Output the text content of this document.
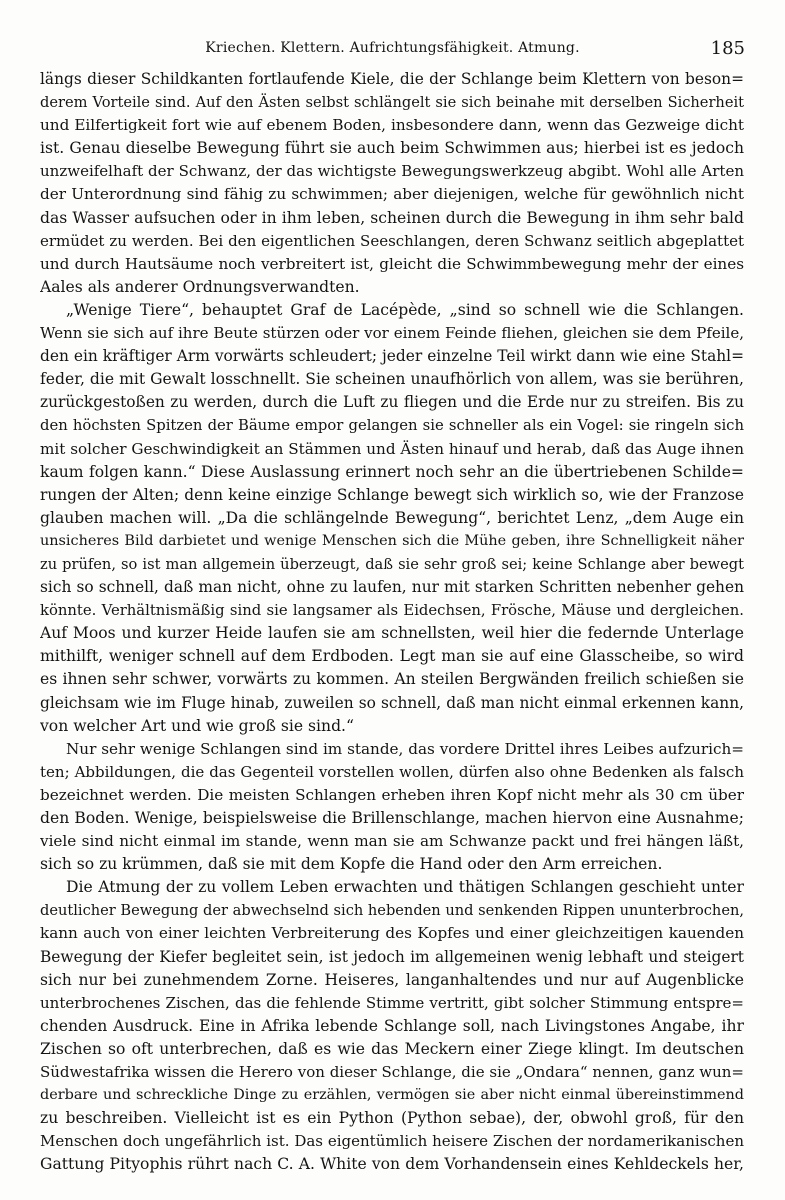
Kriechen. Klettern. Aufrichtungsfähigkeit. Atmung.	185
längs dieser Schildkanten fortlaufende Kiele, die der Schlange beim Klettern von beson=
derem Vorteile sind. Auf den Ästen selbst schlängelt sie sich beinahe mit derselben Sicherheit
und Eilfertigkeit fort wie auf ebenem Boden, insbesondere dann, wenn das Gezweige dicht
ist. Genau dieselbe Bewegung führt sie auch beim Schwimmen aus; hierbei ist es jedoch
unzweifelhaft der Schwanz, der das wichtigste Bewegungswerkzeug abgibt. Wohl alle Arten
der Unterordnung sind fähig zu schwimmen; aber diejenigen, welche für gewöhnlich nicht
das Wasser aufsuchen oder in ihm leben, scheinen durch die Bewegung in ihm sehr bald
ermüdet zu werden. Bei den eigentlichen Seeschlangen, deren Schwanz seitlich abgeplattet
und durch Hautsäume noch verbreitert ist, gleicht die Schwimmbewegung mehr der eines
Aales als anderer Ordnungsverwandten.
„Wenige Tiere“, behauptet Graf de Lacépède, „sind so schnell wie die Schlangen.
Wenn sie sich auf ihre Beute stürzen oder vor einem Feinde fliehen, gleichen sie dem Pfeile,
den ein kräftiger Arm vorwärts schleudert; jeder einzelne Teil wirkt dann wie eine Stahl=
feder, die mit Gewalt losschnellt. Sie scheinen unaufhörlich von allem, was sie berühren,
zurückgestoßen zu werden, durch die Luft zu fliegen und die Erde nur zu streifen. Bis zu
den höchsten Spitzen der Bäume empor gelangen sie schneller als ein Vogel: sie ringeln sich
mit solcher Geschwindigkeit an Stämmen und Ästen hinauf und herab, daß das Auge ihnen
kaum folgen kann.“ Diese Auslassung erinnert noch sehr an die übertriebenen Schilde=
rungen der Alten; denn keine einzige Schlange bewegt sich wirklich so, wie der Franzose
glauben machen will. „Da die schlängelnde Bewegung“, berichtet Lenz, „dem Auge ein
unsicheres Bild darbietet und wenige Menschen sich die Mühe geben, ihre Schnelligkeit näher
zu prüfen, so ist man allgemein überzeugt, daß sie sehr groß sei; keine Schlange aber bewegt
sich so schnell, daß man nicht, ohne zu laufen, nur mit starken Schritten nebenher gehen
könnte. Verhältnismäßig sind sie langsamer als Eidechsen, Frösche, Mäuse und dergleichen.
Auf Moos und kurzer Heide laufen sie am schnellsten, weil hier die federnde Unterlage
mithilft, weniger schnell auf dem Erdboden. Legt man sie auf eine Glasscheibe, so wird
es ihnen sehr schwer, vorwärts zu kommen. An steilen Bergwänden freilich schießen sie
gleichsam wie im Fluge hinab, zuweilen so schnell, daß man nicht einmal erkennen kann,
von welcher Art und wie groß sie sind.“
Nur sehr wenige Schlangen sind im stande, das vordere Drittel ihres Leibes aufzurich=
ten; Abbildungen, die das Gegenteil vorstellen wollen, dürfen also ohne Bedenken als falsch
bezeichnet werden. Die meisten Schlangen erheben ihren Kopf nicht mehr als 30 cm über
den Boden. Wenige, beispielsweise die Brillenschlange, machen hiervon eine Ausnahme;
viele sind nicht einmal im stande, wenn man sie am Schwanze packt und frei hängen läßt,
sich so zu krümmen, daß sie mit dem Kopfe die Hand oder den Arm erreichen.
Die Atmung der zu vollem Leben erwachten und thätigen Schlangen geschieht unter
deutlicher Bewegung der abwechselnd sich hebenden und senkenden Rippen ununterbrochen,
kann auch von einer leichten Verbreiterung des Kopfes und einer gleichzeitigen kauenden
Bewegung der Kiefer begleitet sein, ist jedoch im allgemeinen wenig lebhaft und steigert
sich nur bei zunehmendem Zorne. Heiseres, langanhaltendes und nur auf Augenblicke
unterbrochenes Zischen, das die fehlende Stimme vertritt, gibt solcher Stimmung entspre=
chenden Ausdruck. Eine in Afrika lebende Schlange soll, nach Livingstones Angabe, ihr
Zischen so oft unterbrechen, daß es wie das Meckern einer Ziege klingt. Im deutschen
Südwestafrika wissen die Herero von dieser Schlange, die sie „Ondara“ nennen, ganz wun=
derbare und schreckliche Dinge zu erzählen, vermögen sie aber nicht einmal übereinstimmend
zu beschreiben. Vielleicht ist es ein Python (Python sebae), der, obwohl groß, für den
Menschen doch ungefährlich ist. Das eigentümlich heisere Zischen der nordamerikanischen
Gattung Pityophis rührt nach C. A. White von dem Vorhandensein eines Kehldeckels her,
